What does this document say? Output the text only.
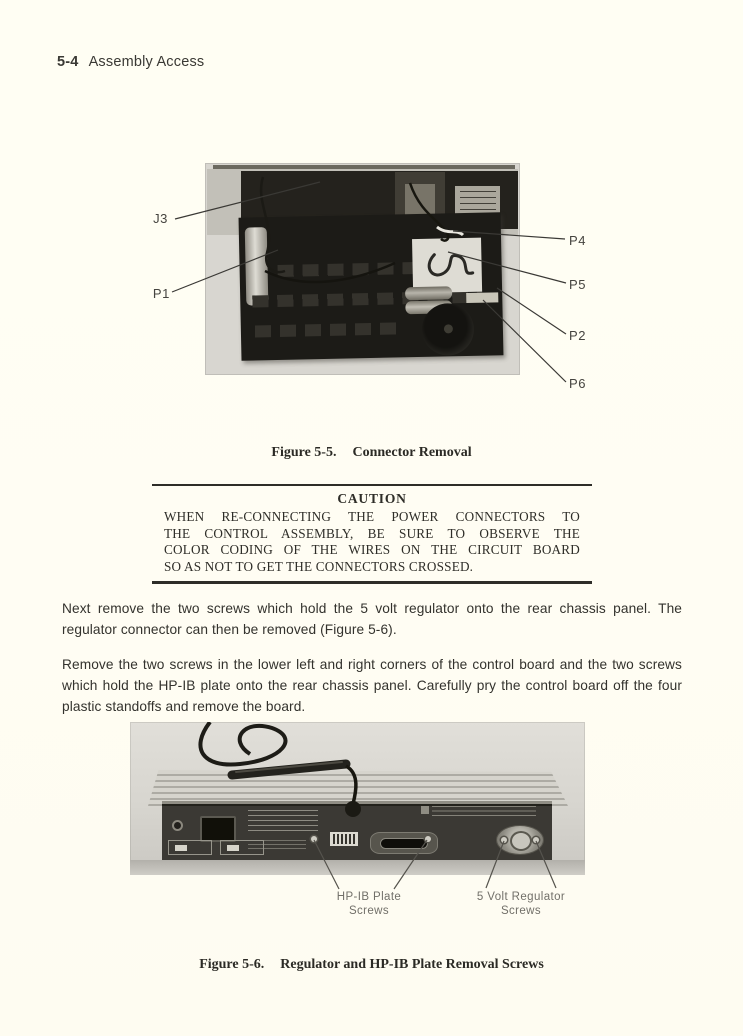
5-4 Assembly Access
J3
P1
P4
P5
P2
P6
Figure 5-5. Connector Removal
CAUTION
WHEN RE-CONNECTING THE POWER CONNECTORS TO
THE CONTROL ASSEMBLY, BE SURE TO OBSERVE THE
COLOR CODING OF THE WIRES ON THE CIRCUIT BOARD
SO AS NOT TO GET THE CONNECTORS CROSSED.

Next remove the two screws which hold the 5 volt regulator onto the rear chassis panel. The regulator connector can then be removed (Figure 5-6).

Remove the two screws in the lower left and right corners of the control board and the two screws which hold the HP-IB plate onto the rear chassis panel. Carefully pry the control board off the four plastic standoffs and remove the board.

HP-IB Plate
Screws
5 Volt Regulator
Screws
Figure 5-6. Regulator and HP-IB Plate Removal Screws
